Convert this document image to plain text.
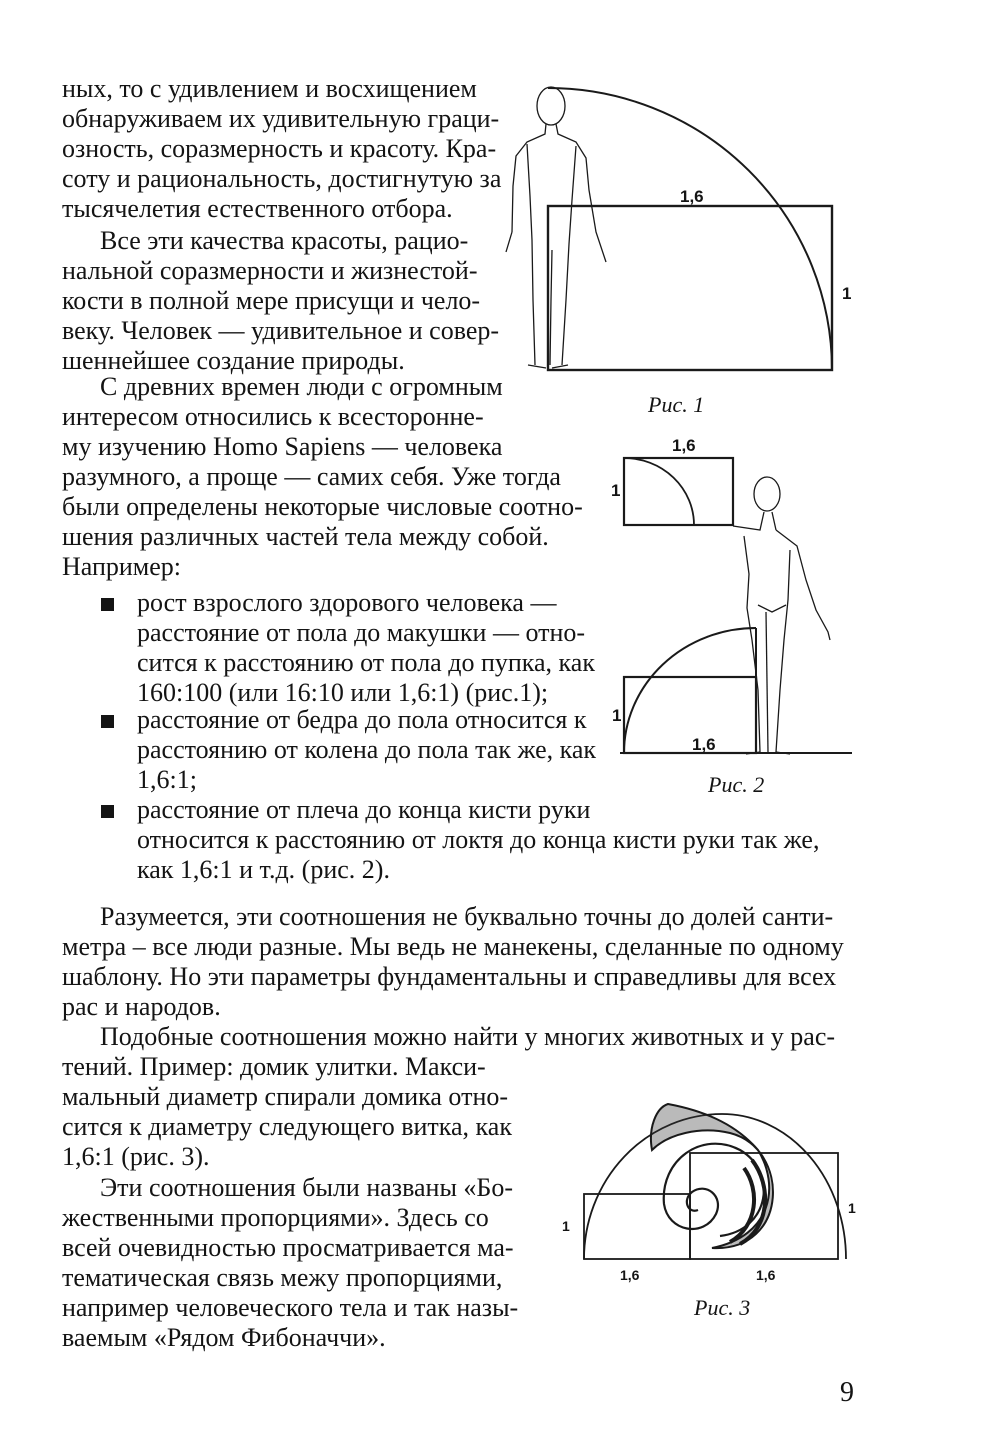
1,6
1
Рис. 1
1,6
1
1
1,6
Рис. 2
1
1
1,6	1,6
Рис. 3
ных, то с удивлением и восхищением
обнаруживаем их удивительную граци-
озность, соразмерность и красоту. Кра-
соту и рациональность, достигнутую за
тысячелетия естественного отбора.
Все эти качества красоты, рацио-
нальной соразмерности и жизнестой-
кости в полной мере присущи и чело-
веку. Человек — удивительное и совер-
шеннейшее создание природы.
С древних времен люди с огромным
интересом относились к всесторонне-
му изучению Homo Sapiens — человека
разумного, а проще — самих себя. Уже тогда
были определены некоторые числовые соотно-
шения различных частей тела между собой.
Например:
рост взрослого здорового человека —
расстояние от пола до макушки — отно-
сится к расстоянию от пола до пупка, как
160:100 (или 16:10 или 1,6:1) (рис.1);
расстояние от бедра до пола относится к
расстоянию от колена до пола так же, как
1,6:1;
расстояние от плеча до конца кисти руки
относится к расстоянию от локтя до конца кисти руки так же,
как 1,6:1 и т.д. (рис. 2).
Разумеется, эти соотношения не буквально точны до долей санти-
метра – все люди разные. Мы ведь не манекены, сделанные по одному
шаблону. Но эти параметры фундаментальны и справедливы для всех
рас и народов.
Подобные соотношения можно найти у многих животных и у рас-
тений. Пример: домик улитки. Макси-
мальный диаметр спирали домика отно-
сится к диаметру следующего витка, как
1,6:1 (рис. 3).
Эти соотношения были названы «Бо-
жественными пропорциями». Здесь со
всей очевидностью просматривается ма-
тематическая связь межу пропорциями,
например человеческого тела и так назы-
ваемым «Рядом Фибоначчи».
9
